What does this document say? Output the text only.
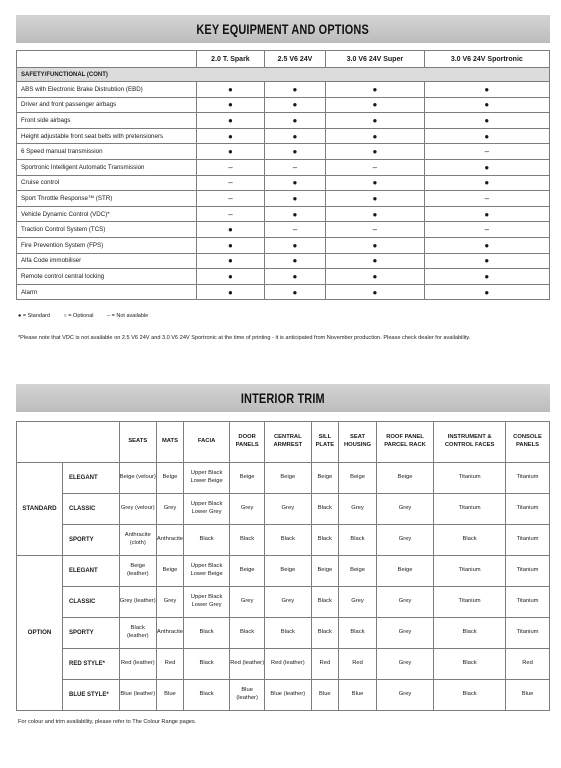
KEY EQUIPMENT AND OPTIONS
	2.0 T. Spark	2.5 V6 24V	3.0 V6 24V Super	3.0 V6 24V Sportronic
SAFETY/FUNCTIONAL (CONT)				
ABS with Electronic Brake Distrubtion (EBD)	●	●	●	●
Driver and front passenger airbags	●	●	●	●
Front side airbags	●	●	●	●
Height adjustable front seat belts with pretensioners	●	●	●	●
6 Speed manual transmission	●	●	●	–
Sportronic Intelligent Automatic Transmission	–	–	–	●
Cruise control	–	●	●	●
Sport Throttle Response™ (STR)	–	●	●	–
Vehicle Dynamic Control (VDC)*	–	●	●	●
Traction Control System (TCS)	●	–	–	–
Fire Prevention System (FPS)	●	●	●	●
Alfa Code immobiliser	●	●	●	●
Remote control central locking	●	●	●	●
Alarm	●	●	●	●
● = Standard ○ = Optional – = Not available
*Please note that VDC is not available on 2.5 V6 24V and 3.0 V6 24V Sportronic at the time of printing - it is anticipated from November production. Please check dealer for availability.
INTERIOR TRIM
		SEATS	MATS	FACIA	DOOR PANELS	CENTRAL ARMREST	SILL PLATE	SEAT HOUSING	ROOF PANEL PARCEL RACK	INSTRUMENT & CONTROL FACES	CONSOLE PANELS
STANDARD	ELEGANT	Beige (velour)	Beige	Upper Black Lower Beige	Beige	Beige	Beige	Beige	Beige	Titanium	Titanium
	CLASSIC	Grey (velour)	Grey	Upper Black Lower Grey	Grey	Grey	Black	Grey	Grey	Titanium	Titanium
	SPORTY	Anthracite (cloth)	Anthracite	Black	Black	Black	Black	Black	Grey	Black	Titanium
OPTION	ELEGANT	Beige (leather)	Beige	Upper Black Lower Beige	Beige	Beige	Beige	Beige	Beige	Titanium	Titanium
	CLASSIC	Grey (leather)	Grey	Upper Black Lower Grey	Grey	Grey	Black	Grey	Grey	Titanium	Titanium
	SPORTY	Black (leather)	Anthracite	Black	Black	Black	Black	Black	Grey	Black	Titanium
	RED STYLE*	Red (leather)	Red	Black	Red (leather)	Red (leather)	Red	Red	Grey	Black	Red
	BLUE STYLE*	Blue (leather)	Blue	Black	Blue (leather)	Blue (leather)	Blue	Blue	Grey	Black	Blue
For colour and trim availability, please refer to The Colour Range pages.
